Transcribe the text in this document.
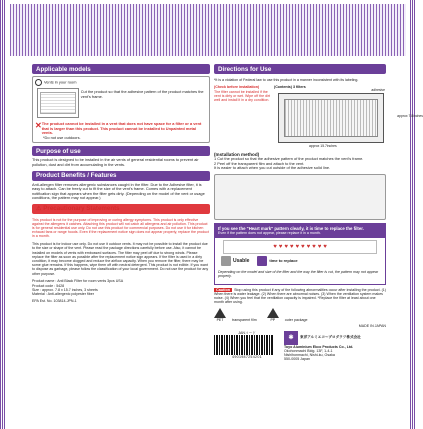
Applicable models
Vents in your room

Cut the product so that the adhesive pattern of the product matches the vent's frame.

✕ The product cannot be installed in a vent that does not have space for a filter or a vent that is larger than this product. This product cannot be installed to Unpainted metal vents.

*Do not use outdoors.

Purpose of use

This product is designed to be installed in the air vents of general residential rooms to prevent air pollution, dust and dirt from accumulating in the vents.

Product Benefits / Features

Anti-allergen filter removes allergenic substances caught in the filter. Due to the Adhesive filter, it is easy to attach. Can be freely cut to fit the size of the vent's frame. Comes with a replacement notification sign that appears when the filter gets dirty. (Depending on the model of the vent or usage conditions, the pattern may not appear.)

⚠ Precautionary Statements

This product is not for the purpose of improving or curing allergy symptoms. This product is only effective against the allergens it catches. Attaching this product will not catch all allergens and air pollution. This product is for general residential use only. Do not use this product for commercial purposes. Do not use it for kitchen exhaust fans or range hoods. Even if the replacement notice sign does not appear properly, replace the product in a month.

This product is for indoor use only. Do not use it outdoor vents. It may not be possible to install the product due to the size or shape of the vent. Please read the package directions carefully before use. Also, it cannot be installed on models of vents with embossed surfaces. The filter may peel off due to strong winds. Please replace the filter as soon as possible after the replacement notice sign appears. If the filter is used in a dirty condition, it may become clogged and reduce the airflow capacity. When you remove the filter, there may be some glue remains. If this happens, wipe them off with neutral detergent. This product is not edible. If you want to dispose as garbage, please follow the classification of your local government. Do not use the product for any other purpose.

Product name : Anti Black Filter for room vents 3pcs USA
Product code : 5428
Size : approx. 7.8 x 15.7 inches, 3 sheets
Material : Anti-allergenic polyester fiber
EPA Est. No. 103814-JPN-1
Directions for Use

*It is a violation of Federal law to use this product in a manner inconsistent with its labeling.

(Check before installation)
The filter cannot be installed if the vent is dirty or wet. Wipe off the dirt well and install it in a dry condition.
(Contents) 3 filters
adhesive
approx 7.8inches
approx 15.7inches
(Installation method)

1 Cut the product so that the adhesive pattern of the product matches the vent's frame.

2 Peel off the transparent film and attach to the vent.

It is easier to attach when you cut outside of the adhesive solid line.

If you see the "Heart mark" pattern clearly, it is time to replace the filter.
Even if the pattern does not appear, please replace it in a month.
♥ ♥ ♥ ♥ ♥ ♥ ♥ ♥ ♥ ♥
Usable	time to replace

Depending on the model and size of the filter and the way the filter is cut, the pattern may not appear properly.

Caution Stop using this product if any of the following abnormalities occur after installing the product. (1) When there is water leakage. (2) When there are abnormal noises. (3) When the ventilation system makes noise. (4) When you feel that the ventilation capacity is impaired. *Replace the filter at least about one month after using.
PET transparent film	PP	outer package
MADE IN JAPAN
JANコード
4901987254201
✱	東洋アルミエコープロダクツ株式会社
Toyo Aluminium Ekco Products Co., Ltd.
Okohonmachi Bldg. 13F, 1-4-1
Nishihonmachi, Nishi-ku, Osaka
550-0005 Japan
